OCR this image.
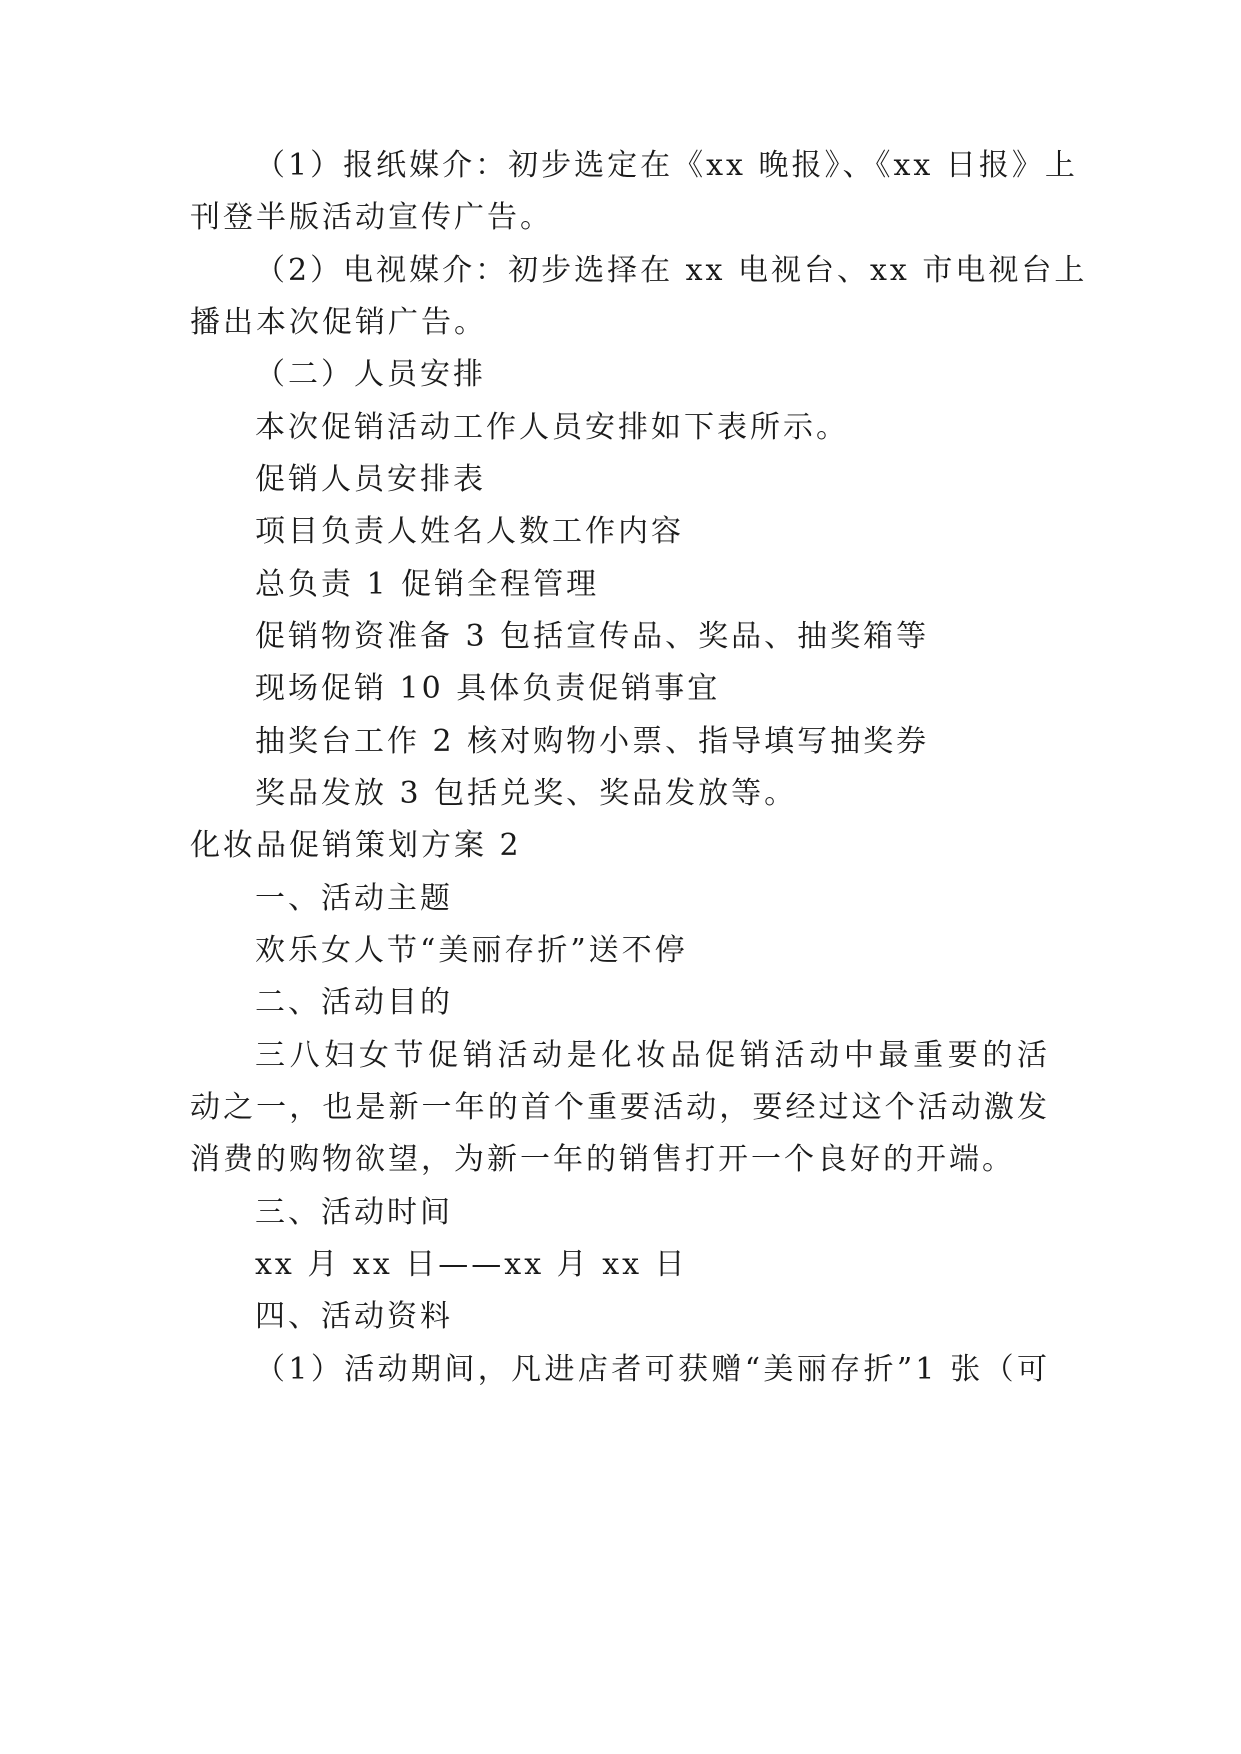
（1）报纸媒介：初步选定在《xx 晚报》、《xx 日报》上
刊登半版活动宣传广告。
（2）电视媒介：初步选择在 xx 电视台、xx 市电视台上
播出本次促销广告。
（二）人员安排
本次促销活动工作人员安排如下表所示。
促销人员安排表
项目负责人姓名人数工作内容
总负责 1 促销全程管理
促销物资准备 3 包括宣传品、奖品、抽奖箱等
现场促销 10 具体负责促销事宜
抽奖台工作 2 核对购物小票、指导填写抽奖券
奖品发放 3 包括兑奖、奖品发放等。
化妆品促销策划方案 2
一、活动主题
欢乐女人节“美丽存折”送不停
二、活动目的
三八妇女节促销活动是化妆品促销活动中最重要的活
动之一，也是新一年的首个重要活动，要经过这个活动激发
消费的购物欲望，为新一年的销售打开一个良好的开端。
三、活动时间
xx 月 xx 日——xx 月 xx 日
四、活动资料
（1）活动期间，凡进店者可获赠“美丽存折”1 张（可
